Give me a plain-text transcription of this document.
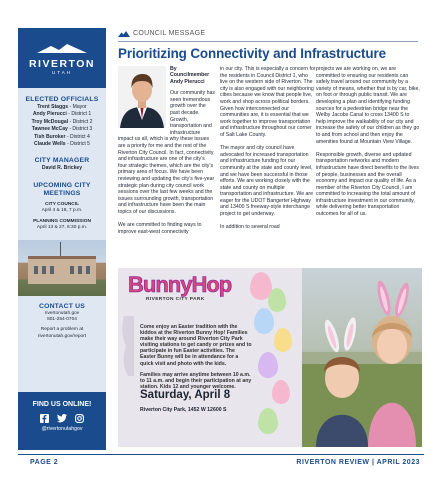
RIVERTON
UTAH
ELECTED OFFICIALS
Trent Staggs - Mayor
Andy Pierucci - District 1
Troy McDougal - District 2
Tawnee McCay - District 3
Tish Buroker - District 4
Claude Wells - District 5
CITY MANAGER
David R. Brickey
UPCOMING CITY MEETINGS
CITY COUNCIL
April 4 & 18, 7 p.m.
PLANNING COMMISSION
April 13 & 27, 6:30 p.m.
CONTACT US
rivertonutah.gov
801-254-0704
Report a problem at
rivertonutah.gov/report
FIND US ONLINE!
@rivertonutahgov
COUNCIL MESSAGE
Prioritizing Connectivity and Infrastructure
By
Councilmember
Andy Pierucci

Our community has seen tremendous growth over the past decade. Growth, transportation and infrastructure impact us all, which is why these issues are a priority for me and the rest of the Riverton City Council. In fact, connectivity and infrastructure are one of the city’s four strategic themes, which are the city’s primary area of focus. We have been reviewing and updating the city’s five-year strategic plan during city council work sessions over the last few weeks and the issues surrounding growth, transportation and infrastructure have been the main topics of our discussions.

We are committed to finding ways to improve east-west connectivity

in our city. This is especially a concern for the residents in Council District 1, who live on the western side of Riverton. The city is also engaged with our neighboring cities because we know that people live, work and shop across political borders. Given how interconnected our communities are, it is essential that we work together to improve transportation and infrastructure throughout our corner of Salt Lake County.

The mayor and city council have advocated for increased transportation and infrastructure funding for our community at the state and county level, and we have been successful in those efforts. We are working closely with the state and county on multiple transportation and infrastructure. We are eager for the UDOT Bangerter Highway and 13400 S freeway-style interchange project to get underway.

In addition to several road

projects we are working on, we are committed to ensuring our residents can safely travel around our community by a variety of means, whether that is by car, bike, on foot or through public transit. We are developing a plan and identifying funding sources for a pedestrian bridge near the Welby Jacobs Canal to cross 13400 S to help improve the walkability of our city and increase the safety of our children as they go to and from school and then enjoy the amenities found at Mountain View Village.

Responsible growth, diverse and updated transportation networks and modern infrastructure have direct benefits to the lives of people, businesses and the overall economy and impact our quality of life. As a member of the Riverton City Council, I am committed to increasing the total amount of infrastructure investment in our community, while delivering better transportation outcomes for all of us.

BunnyHop
RIVERTON CITY PARK

Come enjoy an Easter tradition with the kiddos at the Riverton Bunny Hop! Families make their way around Riverton City Park visiting stations to get candy or prizes and to participate in fun Easter activities. The Easter Bunny will be in attendance for a quick visit and photo with the kids.

Families may arrive anytime between 10 a.m. to 11 a.m. and begin their participation at any station. Kids 12 and younger welcome.

Saturday, April 8
Riverton City Park, 1452 W 12600 S
PAGE 2	RIVERTON REVIEW | APRIL 2023
